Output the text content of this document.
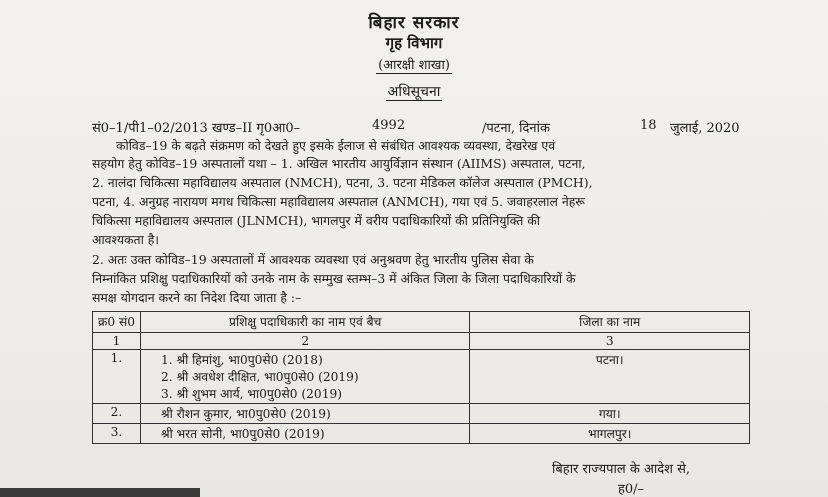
बिहार सरकार
गृह विभाग
(आरक्षी शाखा)
अधिसूचना
सं0–1/पी1–02/2013 खण्ड–II गृ0आ0–	4992	/पटना, दिनांक	18 जुलाई, 2020
कोविड–19 के बढ़ते संक्रमण को देखते हुए इसके ईलाज से संबंधित आवश्यक व्यवस्था, देखरेख एवं
सहयोग हेतु कोविड–19 अस्पतालों यथा – 1. अखिल भारतीय आयुर्विज्ञान संस्थान (AIIMS) अस्पताल, पटना,
2. नालंदा चिकित्सा महाविद्यालय अस्पताल (NMCH), पटना, 3. पटना मेडिकल कॉलेज अस्पताल (PMCH),
पटना, 4. अनुग्रह नारायण मगध चिकित्सा महाविद्यालय अस्पताल (ANMCH), गया एवं 5. जवाहरलाल नेहरू
चिकित्सा महाविद्यालय अस्पताल (JLNMCH), भागलपुर में वरीय पदाधिकारियों की प्रतिनियुक्ति की
आवश्यकता है।
2. अतः उक्त कोविड–19 अस्पतालों में आवश्यक व्यवस्था एवं अनुश्रवण हेतु भारतीय पुलिस सेवा के
निम्नांकित प्रशिक्षु पदाधिकारियों को उनके नाम के सम्मुख स्तम्भ–3 में अंकित जिला के जिला पदाधिकारियों के
समक्ष योगदान करने का निदेश दिया जाता है :–
क्र0 सं0	प्रशिक्षु पदाधिकारी का नाम एवं बैच	जिला का नाम
1	2	3
1.	1. श्री हिमांशु, भा0पु0से0 (2018)
2. श्री अवधेश दीक्षित, भा0पु0से0 (2019)
3. श्री शुभम आर्य, भा0पु0से0 (2019)	पटना।
2.	श्री रौशन कुमार, भा0पु0से0 (2019)	गया।
3.	श्री भरत सोनी, भा0पु0से0 (2019)	भागलपुर।
बिहार राज्यपाल के आदेश से,
ह0/–
